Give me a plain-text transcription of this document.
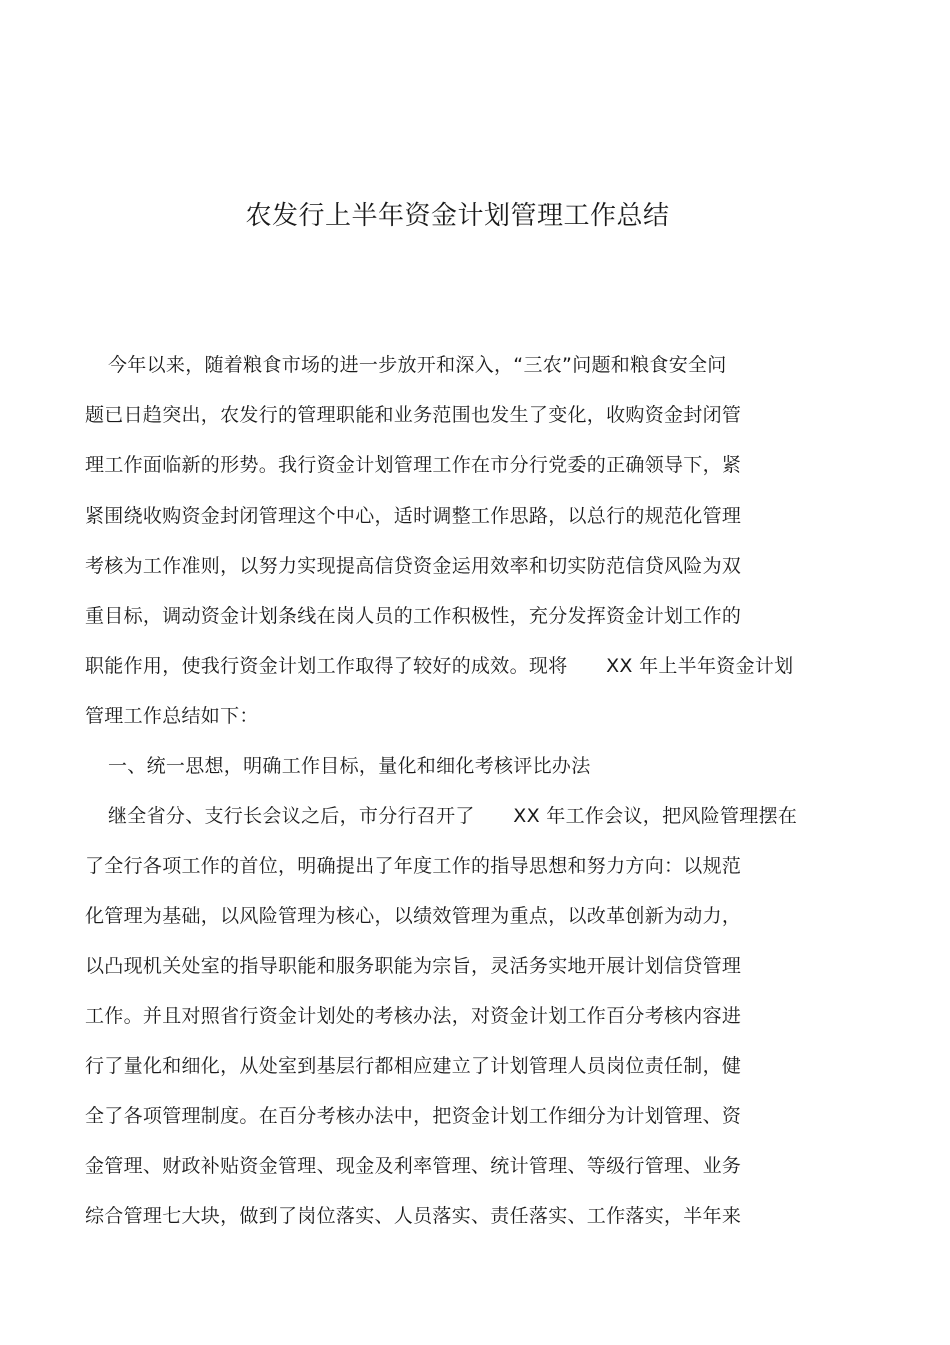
农发行上半年资金计划管理工作总结

今年以来，随着粮食市场的进一步放开和深入，“三农”问题和粮食安全问

题已日趋突出，农发行的管理职能和业务范围也发生了变化，收购资金封闭管

理工作面临新的形势。我行资金计划管理工作在市分行党委的正确领导下，紧

紧围绕收购资金封闭管理这个中心，适时调整工作思路，以总行的规范化管理

考核为工作准则，以努力实现提高信贷资金运用效率和切实防范信贷风险为双

重目标，调动资金计划条线在岗人员的工作积极性，充分发挥资金计划工作的

职能作用，使我行资金计划工作取得了较好的成效。现将　　XX 年上半年资金计划

管理工作总结如下：

一、统一思想，明确工作目标，量化和细化考核评比办法

继全省分、支行长会议之后，市分行召开了　　XX 年工作会议，把风险管理摆在

了全行各项工作的首位，明确提出了年度工作的指导思想和努力方向：以规范

化管理为基础，以风险管理为核心，以绩效管理为重点，以改革创新为动力，

以凸现机关处室的指导职能和服务职能为宗旨，灵活务实地开展计划信贷管理

工作。并且对照省行资金计划处的考核办法，对资金计划工作百分考核内容进

行了量化和细化，从处室到基层行都相应建立了计划管理人员岗位责任制，健

全了各项管理制度。在百分考核办法中，把资金计划工作细分为计划管理、资

金管理、财政补贴资金管理、现金及利率管理、统计管理、等级行管理、业务

综合管理七大块，做到了岗位落实、人员落实、责任落实、工作落实，半年来
